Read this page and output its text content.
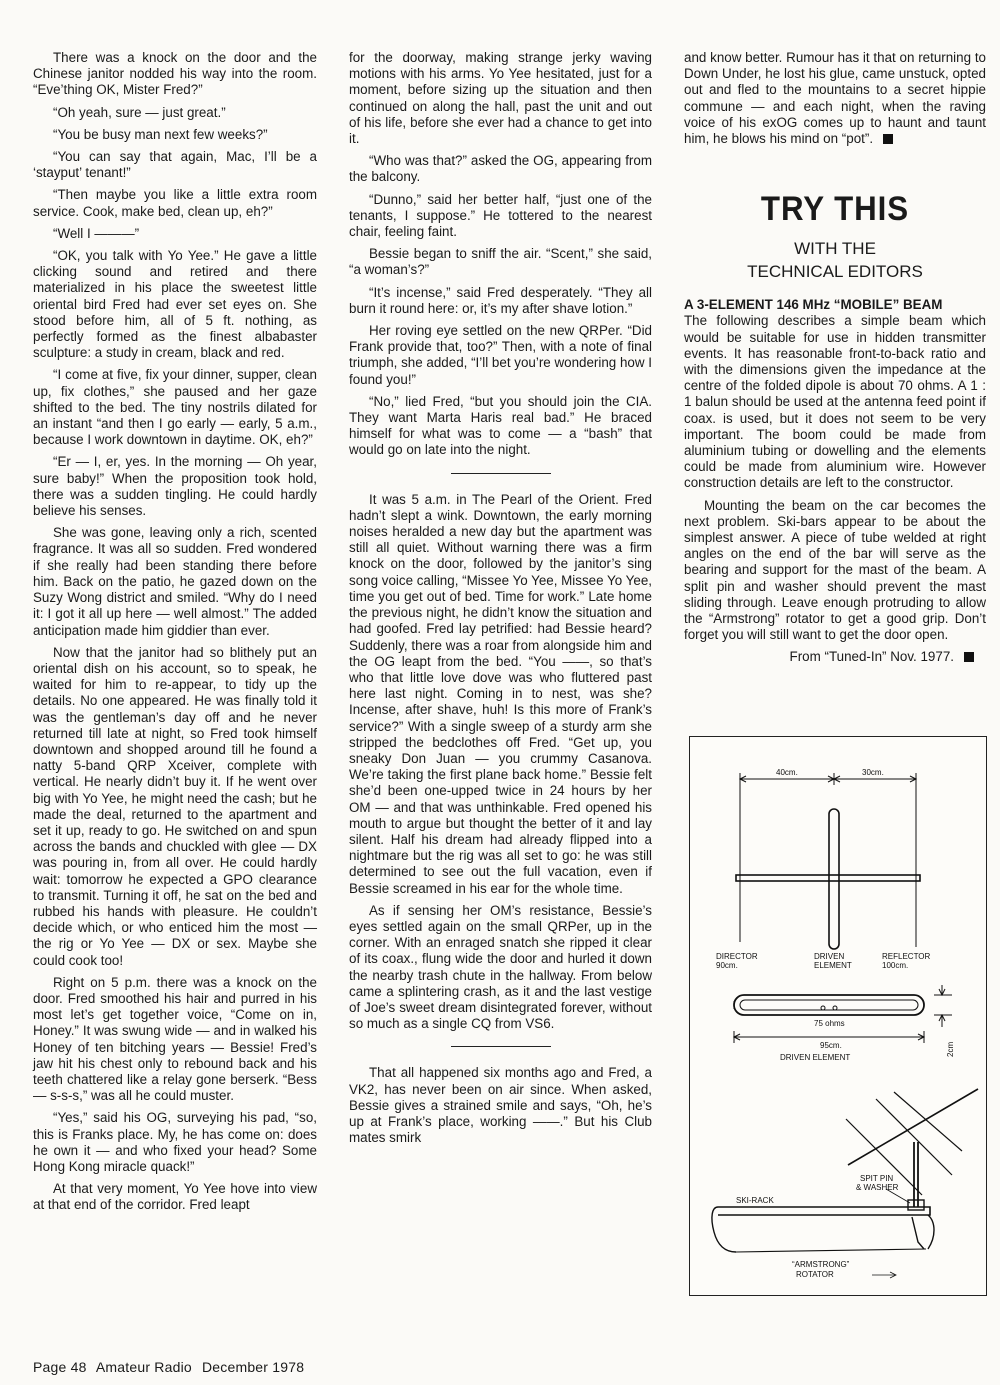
There was a knock on the door and the Chinese janitor nodded his way into the room. “Eve’thing OK, Mister Fred?”

“Oh yeah, sure — just great.”

“You be busy man next few weeks?”

“You can say that again, Mac, I’ll be a ‘stayput’ tenant!”

“Then maybe you like a little extra room service. Cook, make bed, clean up, eh?”

“Well I ———”

“OK, you talk with Yo Yee.” He gave a little clicking sound and retired and there materialized in his place the sweetest little oriental bird Fred had ever set eyes on. She stood before him, all of 5 ft. nothing, as perfectly formed as the finest albabaster sculpture: a study in cream, black and red.

“I come at five, fix your dinner, supper, clean up, fix clothes,” she paused and her gaze shifted to the bed. The tiny nostrils dilated for an instant “and then I go early — early, 5 a.m., because I work downtown in daytime. OK, eh?”

“Er — I, er, yes. In the morning — Oh year, sure baby!” When the proposition took hold, there was a sudden tingling. He could hardly believe his senses.

She was gone, leaving only a rich, scented fragrance. It was all so sudden. Fred wondered if she really had been standing there before him. Back on the patio, he gazed down on the Suzy Wong district and smiled. “Why do I need it: I got it all up here — well almost.” The added anticipation made him giddier than ever.

Now that the janitor had so blithely put an oriental dish on his account, so to speak, he waited for him to re-appear, to tidy up the details. No one appeared. He was finally told it was the gentleman’s day off and he never returned till late at night, so Fred took himself downtown and shopped around till he found a natty 5-band QRP Xceiver, complete with vertical. He nearly didn’t buy it. If he went over big with Yo Yee, he might need the cash; but he made the deal, returned to the apartment and set it up, ready to go. He switched on and spun across the bands and chuckled with glee — DX was pouring in, from all over. He could hardly wait: tomorrow he expected a GPO clearance to transmit. Turning it off, he sat on the bed and rubbed his hands with pleasure. He couldn’t decide which, or who enticed him the most — the rig or Yo Yee — DX or sex. Maybe she could cook too!

Right on 5 p.m. there was a knock on the door. Fred smoothed his hair and purred in his most let’s get together voice, “Come on in, Honey.” It was swung wide — and in walked his Honey of ten bitching years — Bessie! Fred’s jaw hit his chest only to rebound back and his teeth chattered like a relay gone berserk. “Bess — s-s-s,” was all he could muster.

“Yes,” said his OG, surveying his pad, “so, this is Franks place. My, he has come on: does he own it — and who fixed your head? Some Hong Kong miracle quack!”

At that very moment, Yo Yee hove into view at that end of the corridor. Fred leapt

for the doorway, making strange jerky waving motions with his arms. Yo Yee hesitated, just for a moment, before sizing up the situation and then continued on along the hall, past the unit and out of his life, before she ever had a chance to get into it.

“Who was that?” asked the OG, appearing from the balcony.

“Dunno,” said her better half, “just one of the tenants, I suppose.” He tottered to the nearest chair, feeling faint.

Bessie began to sniff the air. “Scent,” she said, “a woman’s?”

“It’s incense,” said Fred desperately. “They all burn it round here: or, it’s my after shave lotion.”

Her roving eye settled on the new QRPer. “Did Frank provide that, too?” Then, with a note of final triumph, she added, “I’ll bet you’re wondering how I found you!”

“No,” lied Fred, “but you should join the CIA. They want Marta Haris real bad.” He braced himself for what was to come — a “bash” that would go on late into the night.

It was 5 a.m. in The Pearl of the Orient. Fred hadn’t slept a wink. Downtown, the early morning noises heralded a new day but the apartment was still all quiet. Without warning there was a firm knock on the door, followed by the janitor’s sing song voice calling, “Missee Yo Yee, Missee Yo Yee, time you get out of bed. Time for work.” Late home the previous night, he didn’t know the situation and had goofed. Fred lay petrified: had Bessie heard? Suddenly, there was a roar from alongside him and the OG leapt from the bed. “You ——, so that’s who that little love dove was who fluttered past here last night. Coming in to nest, was she? Incense, after shave, huh! Is this more of Frank’s service?” With a single sweep of a sturdy arm she stripped the bedclothes off Fred. “Get up, you sneaky Don Juan — you crummy Casanova. We’re taking the first plane back home.” Bessie felt she’d been one-upped twice in 24 hours by her OM — and that was unthinkable. Fred opened his mouth to argue but thought the better of it and lay silent. Half his dream had already flipped into a nightmare but the rig was all set to go: he was still determined to see out the full vacation, even if Bessie screamed in his ear for the whole time.

As if sensing her OM’s resistance, Bessie’s eyes settled again on the small QRPer, up in the corner. With an enraged snatch she ripped it clear of its coax., flung wide the door and hurled it down the nearby trash chute in the hallway. From below came a splintering crash, as it and the last vestige of Joe’s sweet dream disintegrated forever, without so much as a single CQ from VS6.

That all happened six months ago and Fred, a VK2, has never been on air since. When asked, Bessie gives a strained smile and says, “Oh, he’s up at Frank’s place, working ——.” But his Club mates smirk

and know better. Rumour has it that on returning to Down Under, he lost his glue, came unstuck, opted out and fled to the mountains to a secret hippie commune — and each night, when the raving voice of his exOG comes up to haunt and taunt him, he blows his mind on “pot”.

TRY THIS
WITH THE
TECHNICAL EDITORS

A 3-ELEMENT 146 MHz “MOBILE” BEAM
The following describes a simple beam which would be suitable for use in hidden transmitter events. It has reasonable front-to-back ratio and with the dimensions given the impedance at the centre of the folded dipole is about 70 ohms. A 1 : 1 balun should be used at the antenna feed point if coax. is used, but it does not seem to be very important. The boom could be made from aluminium tubing or dowelling and the elements could be made from aluminium wire. However construction details are left to the constructor.

Mounting the beam on the car becomes the next problem. Ski-bars appear to be about the simplest answer. A piece of tube welded at right angles on the end of the bar will serve as the bearing and support for the mast of the beam. A split pin and washer should prevent the mast sliding through. Leave enough protruding to allow the “Armstrong” rotator to get a good grip. Don’t forget you will still want to get the door open.

From “Tuned-In” Nov. 1977.

40cm.	30cm.
DIRECTOR
90cm.
DRIVEN
ELEMENT
REFLECTOR
100cm.
75 ohms
95cm.
DRIVEN ELEMENT
2cm
SKI-RACK
SPIT PIN
& WASHER
“ARMSTRONG”
ROTATOR
Page 48 Amateur Radio December 1978
